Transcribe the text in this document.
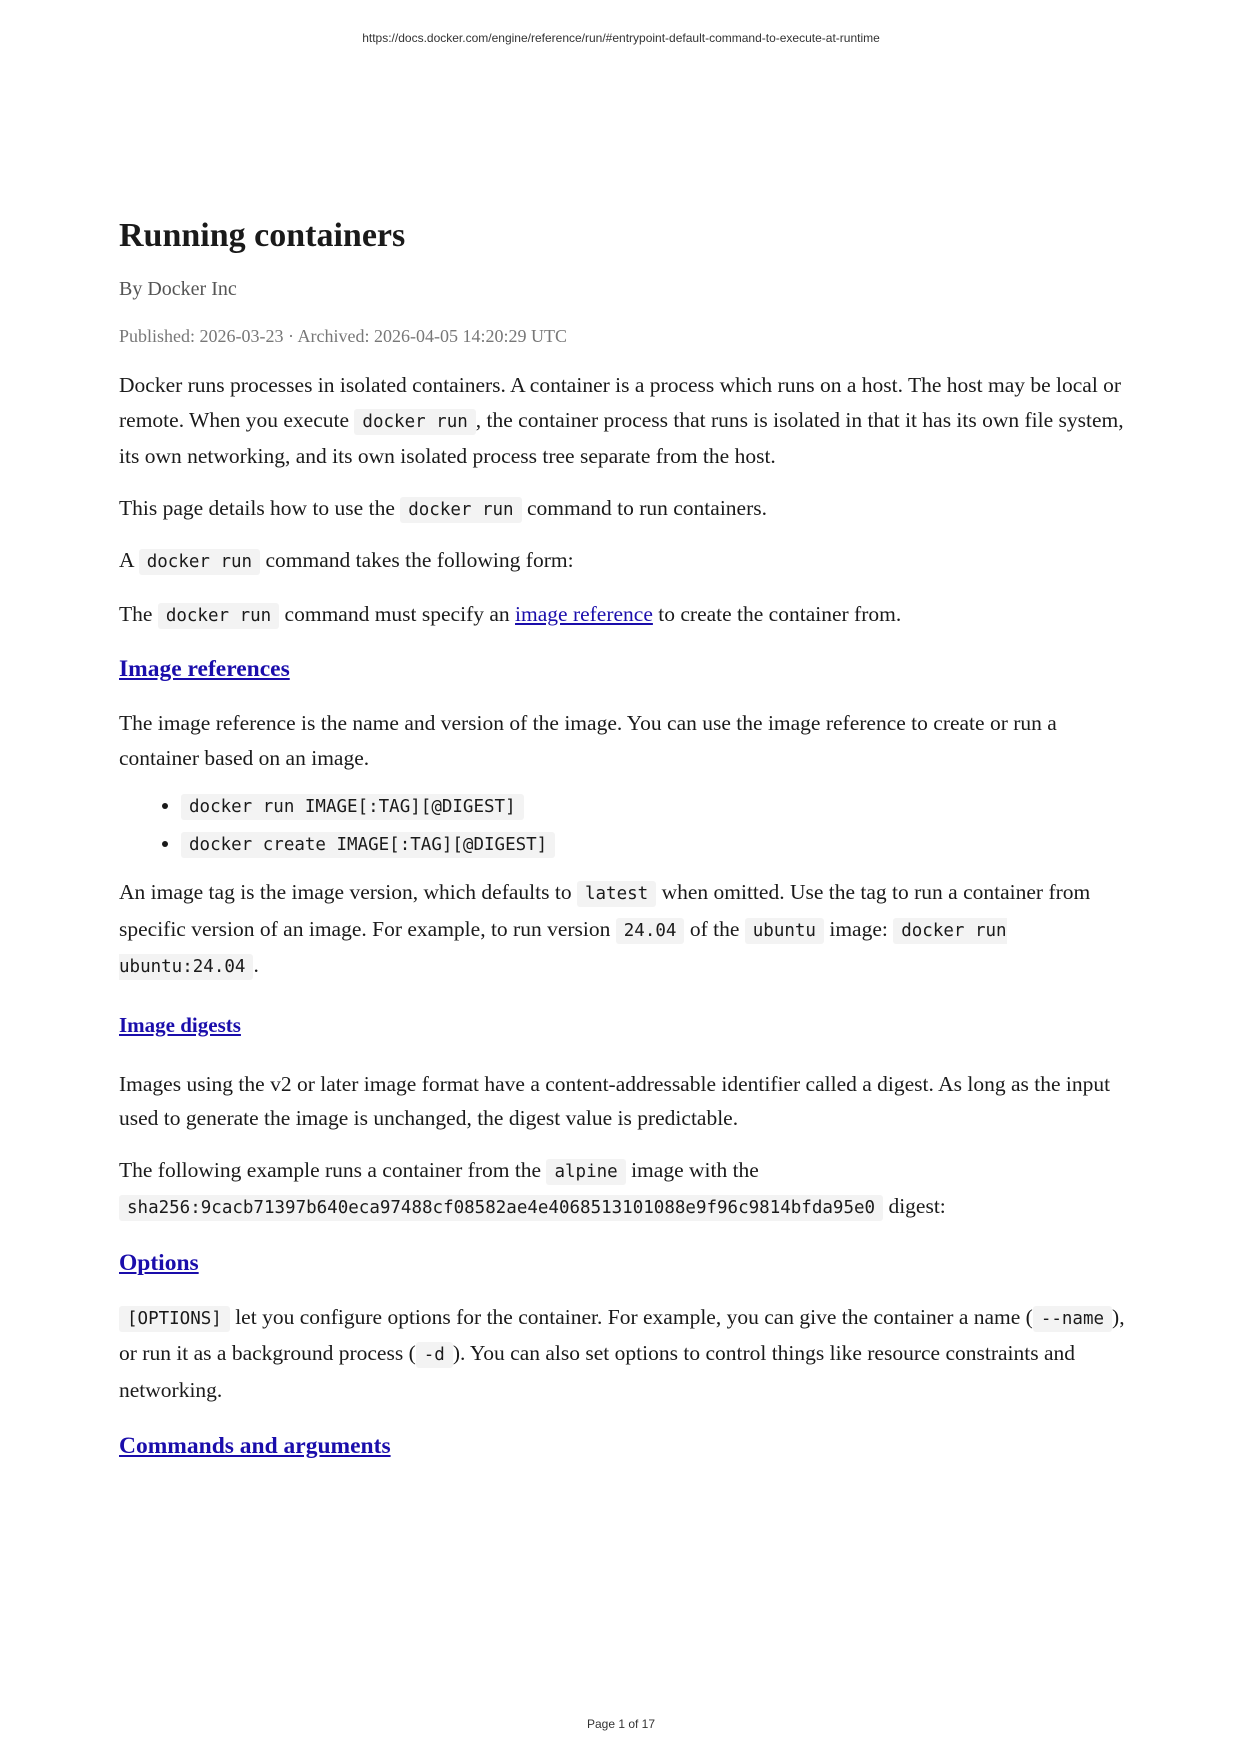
https://docs.docker.com/engine/reference/run/#entrypoint-default-command-to-execute-at-runtime
Running containers
By Docker Inc
Published: 2026-03-23 · Archived: 2026-04-05 14:20:29 UTC

Docker runs processes in isolated containers. A container is a process which runs on a host. The host may be local or remote. When you execute docker run , the container process that runs is isolated in that it has its own file system, its own networking, and its own isolated process tree separate from the host.

This page details how to use the docker run command to run containers.

A docker run command takes the following form:

The docker run command must specify an image reference to create the container from.

Image references

The image reference is the name and version of the image. You can use the image reference to create or run a container based on an image.

• docker run IMAGE[:TAG][@DIGEST]
• docker create IMAGE[:TAG][@DIGEST]

An image tag is the image version, which defaults to latest when omitted. Use the tag to run a container from specific version of an image. For example, to run version 24.04 of the ubuntu image: docker run ubuntu:24.04 .

Image digests

Images using the v2 or later image format have a content-addressable identifier called a digest. As long as the input used to generate the image is unchanged, the digest value is predictable.

The following example runs a container from the alpine image with the
sha256:9cacb71397b640eca97488cf08582ae4e4068513101088e9f96c9814bfda95e0 digest:

Options

[OPTIONS] let you configure options for the container. For example, you can give the container a name ( --name ), or run it as a background process ( -d ). You can also set options to control things like resource constraints and networking.

Commands and arguments
Page 1 of 17
